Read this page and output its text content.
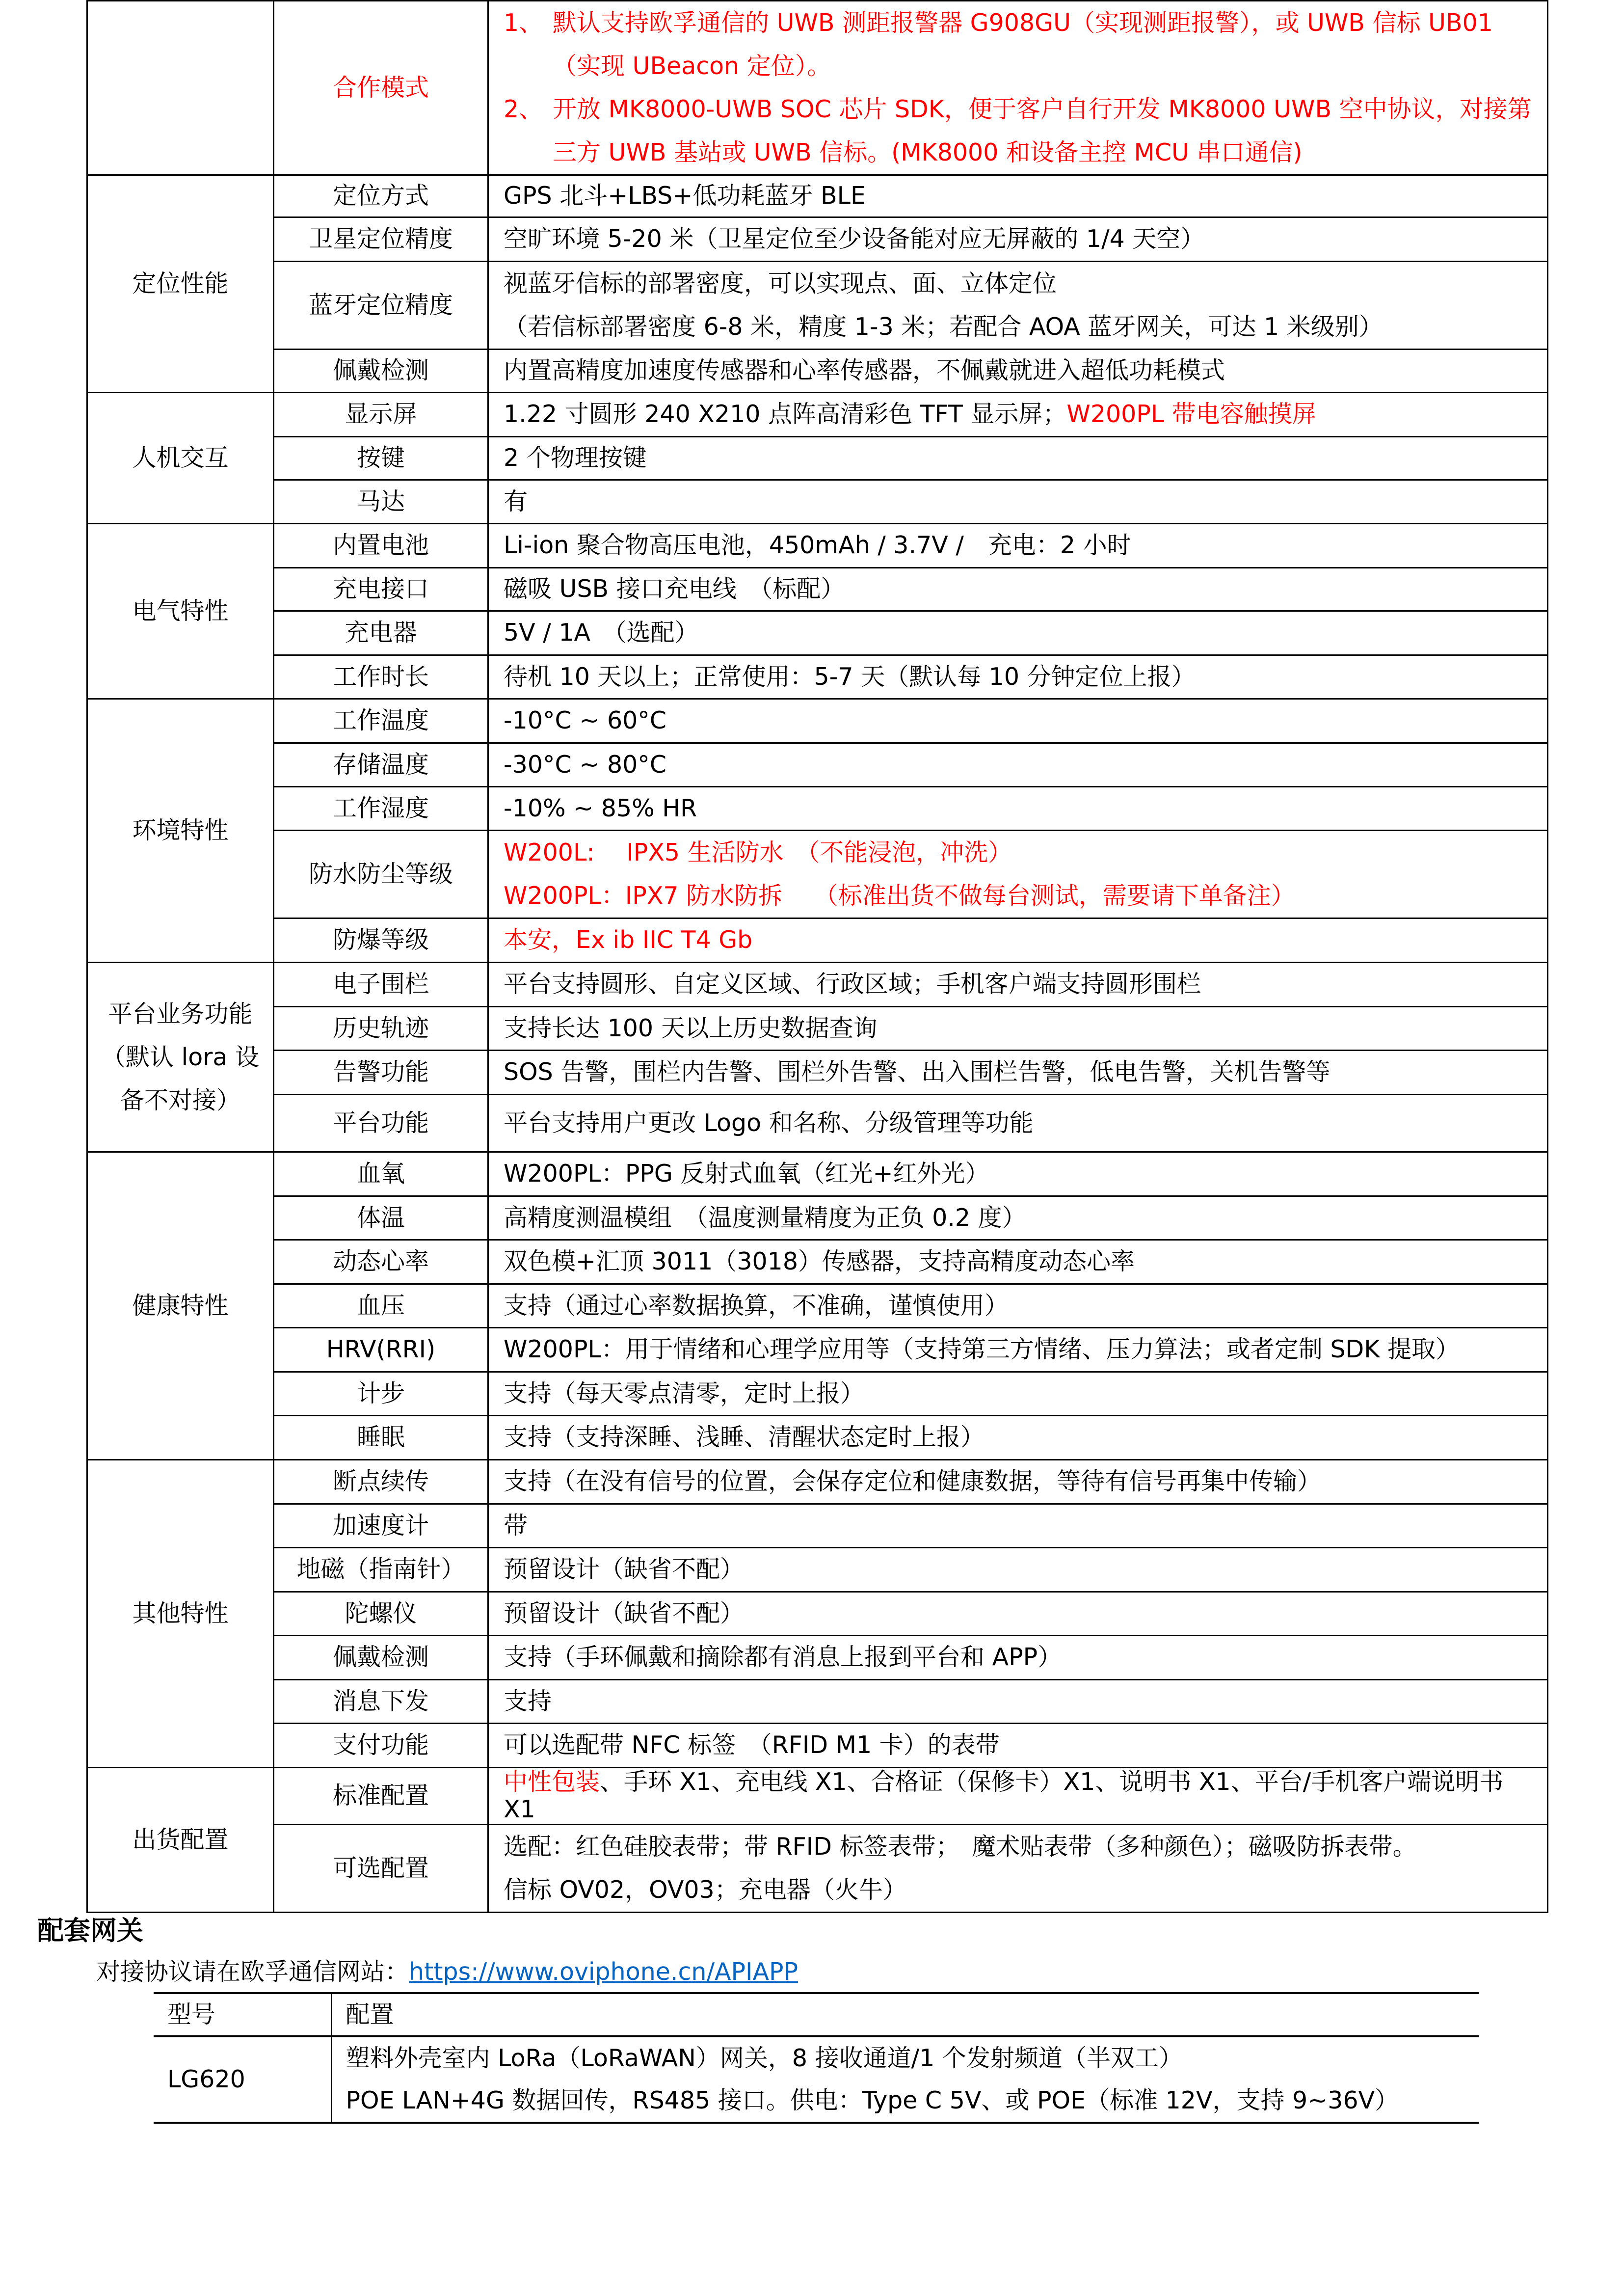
	合作模式	1、 默认支持欧孚通信的 UWB 测距报警器 G908GU（实现测距报警），或 UWB 信标 UB01（实现 UBeacon 定位）。
2、 开放 MK8000-UWB SOC 芯片 SDK，便于客户自行开发 MK8000 UWB 空中协议，对接第三方 UWB 基站或 UWB 信标。(MK8000 和设备主控 MCU 串口通信)

定位性能	定位方式	GPS 北斗+LBS+低功耗蓝牙 BLE
	卫星定位精度	空旷环境 5-20 米（卫星定位至少设备能对应无屏蔽的 1/4 天空）
	蓝牙定位精度	视蓝牙信标的部署密度，可以实现点、面、立体定位
（若信标部署密度 6-8 米，精度 1-3 米；若配合 AOA 蓝牙网关，可达 1 米级别）

	佩戴检测	内置高精度加速度传感器和心率传感器，不佩戴就进入超低功耗模式
人机交互	显示屏	1.22 寸圆形 240 X210 点阵高清彩色 TFT 显示屏；W200PL 带电容触摸屏
	按键	2 个物理按键
	马达	有
电气特性	内置电池	Li-ion 聚合物高压电池，450mAh / 3.7V /　充电：2 小时
	充电接口	磁吸 USB 接口充电线　（标配）
	充电器	5V / 1A　（选配）
	工作时长	待机 10 天以上；正常使用：5-7 天（默认每 10 分钟定位上报）
环境特性	工作温度	-10°C ~ 60°C
	存储温度	-30°C ~ 80°C
	工作湿度	-10% ~ 85% HR
	防水防尘等级	W200L:　 IPX5 生活防水　（不能浸泡，冲洗）
W200PL：IPX7 防水防拆　 （标准出货不做每台测试，需要请下单备注）

	防爆等级	本安，Ex ib IIC T4 Gb

平台业务功能
（默认 lora 设
备不对接）	电子围栏	平台支持圆形、自定义区域、行政区域；手机客户端支持圆形围栏
	历史轨迹	支持长达 100 天以上历史数据查询
	告警功能	SOS 告警，围栏内告警、围栏外告警、出入围栏告警，低电告警，关机告警等
	平台功能	平台支持用户更改 Logo 和名称、分级管理等功能
健康特性	血氧	W200PL：PPG 反射式血氧（红光+红外光）
	体温	高精度测温模组　（温度测量精度为正负 0.2 度）
	动态心率	双色模+汇顶 3011（3018）传感器，支持高精度动态心率
	血压	支持（通过心率数据换算，不准确，谨慎使用）
	HRV(RRI)	W200PL：用于情绪和心理学应用等（支持第三方情绪、压力算法；或者定制 SDK 提取）
	计步	支持（每天零点清零，定时上报）
	睡眠	支持（支持深睡、浅睡、清醒状态定时上报）
其他特性	断点续传	支持（在没有信号的位置，会保存定位和健康数据，等待有信号再集中传输）
	加速度计	带
	地磁（指南针）	预留设计（缺省不配）
	陀螺仪	预留设计（缺省不配）
	佩戴检测	支持（手环佩戴和摘除都有消息上报到平台和 APP）
	消息下发	支持
	支付功能	可以选配带 NFC 标签　（RFID M1 卡）的表带
出货配置	标准配置	中性包装、手环 X1、充电线 X1、合格证（保修卡）X1、说明书 X1、平台/手机客户端说明书 X1
	可选配置	选配：红色硅胶表带；带 RFID 标签表带；　魔术贴表带（多种颜色）；磁吸防拆表带。
信标 OV02，OV03；充电器（火牛）
配套网关
对接协议请在欧孚通信网站：https://www.oviphone.cn/APIAPP
型号	配置
LG620	塑料外壳室内 LoRa（LoRaWAN）网关，8 接收通道/1 个发射频道（半双工）
POE LAN+4G 数据回传，RS485 接口。供电：Type C 5V、或 POE（标准 12V，支持 9~36V）
